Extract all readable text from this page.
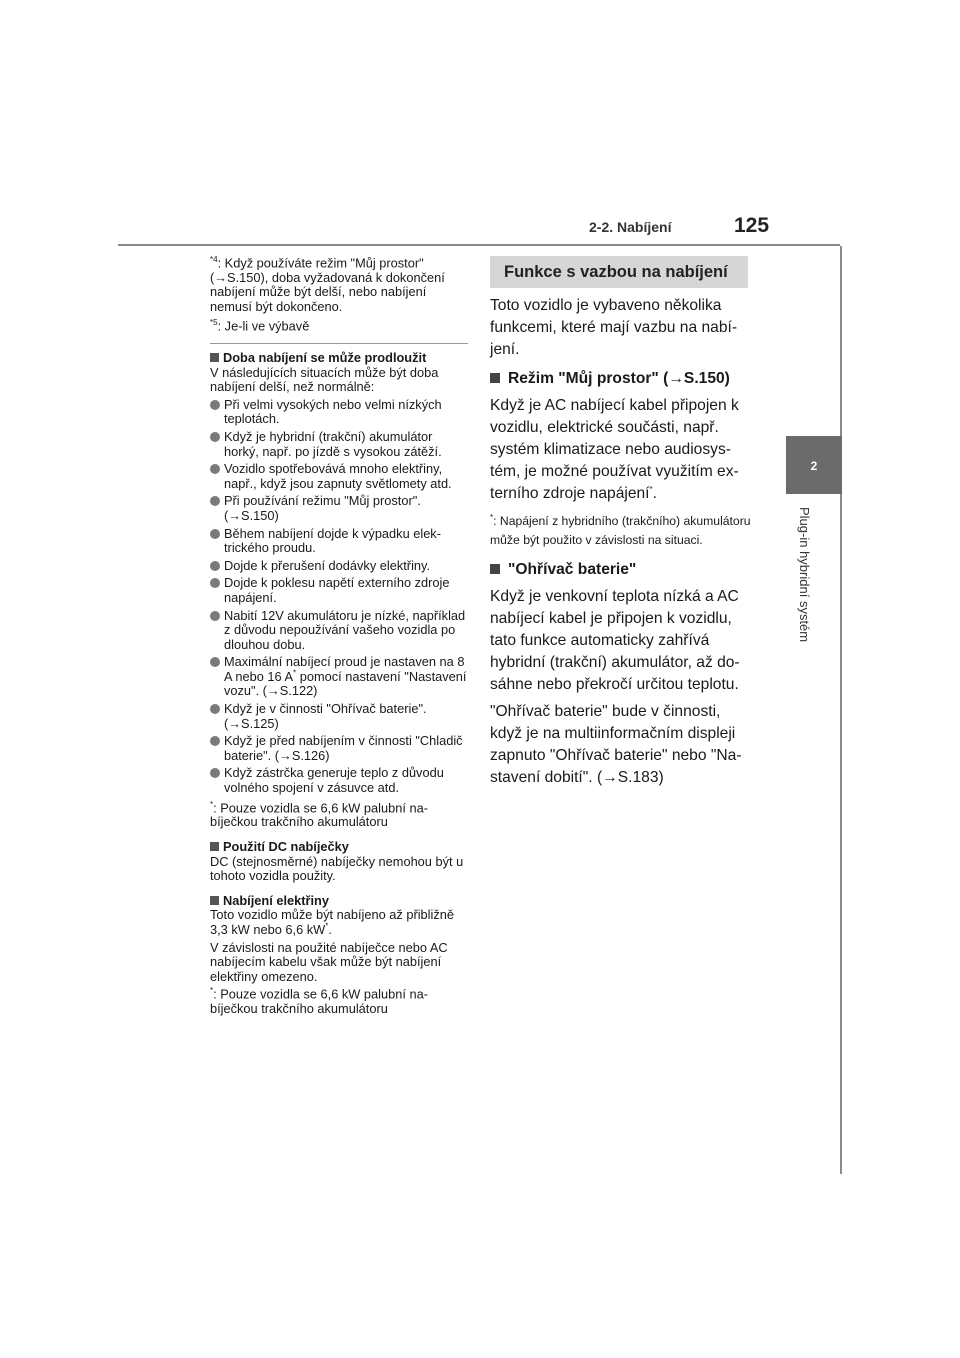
2-2. Nabíjení	125
2
Plug-in hybridní systém
$^{*4}$: Když používáte režim "Můj prostor" (→S.150), doba vyžadovaná k dokončení nabíjení může být delší, nebo nabíjení nemusí být dokončeno.
$^{*5}$: Je-li ve výbavě
Doba nabíjení se může prodloužit

V následujících situacích může být doba nabíjení delší, než normálně:

Při velmi vysokých nebo velmi nízkých teplotách.
Když je hybridní (trakční) akumulátor horký, např. po jízdě s vysokou zátěží.
Vozidlo spotřebovává mnoho elektřiny, např., když jsou zapnuty světlomety atd.
Při používání režimu "Můj prostor". (→S.150)
Během nabíjení dojde k výpadku elektrického proudu.
Dojde k přerušení dodávky elektřiny.
Dojde k poklesu napětí externího zdroje napájení.
Nabití 12V akumulátoru je nízké, například z důvodu nepoužívání vašeho vozidla po dlouhou dobu.
Maximální nabíjecí proud je nastaven na 8 A nebo 16 A* pomocí nastavení "Nastavení vozu". (→S.122)
Když je v činnosti "Ohřívač baterie". (→S.125)
Když je před nabíjením v činnosti "Chladič baterie". (→S.126)
Když zástrčka generuje teplo z důvodu volného spojení v zásuvce atd.
*: Pouze vozidla se 6,6 kW palubní nabíječkou trakčního akumulátoru
Použití DC nabíječky

DC (stejnosměrné) nabíječky nemohou být u tohoto vozidla použity.

Nabíjení elektřiny

Toto vozidlo může být nabíjeno až přibližně 3,3 kW nebo 6,6 kW*.

V závislosti na použité nabíječce nebo AC nabíjecím kabelu však může být nabíjení elektřiny omezeno.

*: Pouze vozidla se 6,6 kW palubní nabíječkou trakčního akumulátoru
Funkce s vazbou na nabíjení

Toto vozidlo je vybaveno několika funkcemi, které mají vazbu na nabíjení.

Režim "Můj prostor" (→S.150)

Když je AC nabíjecí kabel připojen k vozidlu, elektrické součásti, např. systém klimatizace nebo audiosystém, je možné používat využitím externího zdroje napájení*.

*: Napájení z hybridního (trakčního) akumulátoru může být použito v závislosti na situaci.
"Ohřívač baterie"

Když je venkovní teplota nízká a AC nabíjecí kabel je připojen k vozidlu, tato funkce automaticky zahřívá hybridní (trakční) akumulátor, až dosáhne nebo překročí určitou teplotu.

"Ohřívač baterie" bude v činnosti, když je na multiinformačním displeji zapnuto "Ohřívač baterie" nebo "Nastavení dobití". (→S.183)
